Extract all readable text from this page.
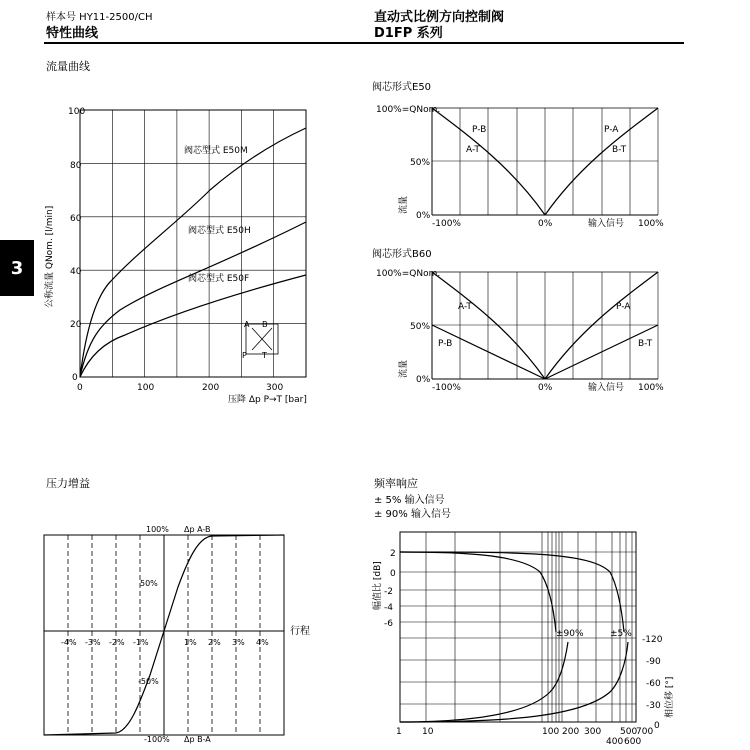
样本号 HY11-2500/CH
特性曲线
直动式比例方向控制阀
D1FP 系列
3
流量曲线
压力增益	频率响应
± 5% 输入信号
± 90% 输入信号
100
80
60
40
20
0
0	100	200	300
阀芯型式 E50M
阀芯型式 E50H
阀芯型式 E50F
压降 Δp P→T [bar]
公称流量 QNom. [l/min]
A B
P T
阀芯形式E50
100%=QNom.
50%
0%
-100%	0%	100%
输入信号
流量
P-B
A-T
P-A
B-T
阀芯形式B60
100%=QNom.
50%
0%
-100%	0%	100%
输入信号
流量
A-T
P-B
P-A
B-T
100%
50%
-50%
-100%
Δp A-B
Δp B-A
-4% -3% -2% -1%	1% 2% 3% 4%
行程
2
0
-2
-4
-6
-120
-90
-60
-30
0
1 10	100 200 300
400
500
600
700
±90%	±5%
幅值比 [dB]
相位移 [°]
